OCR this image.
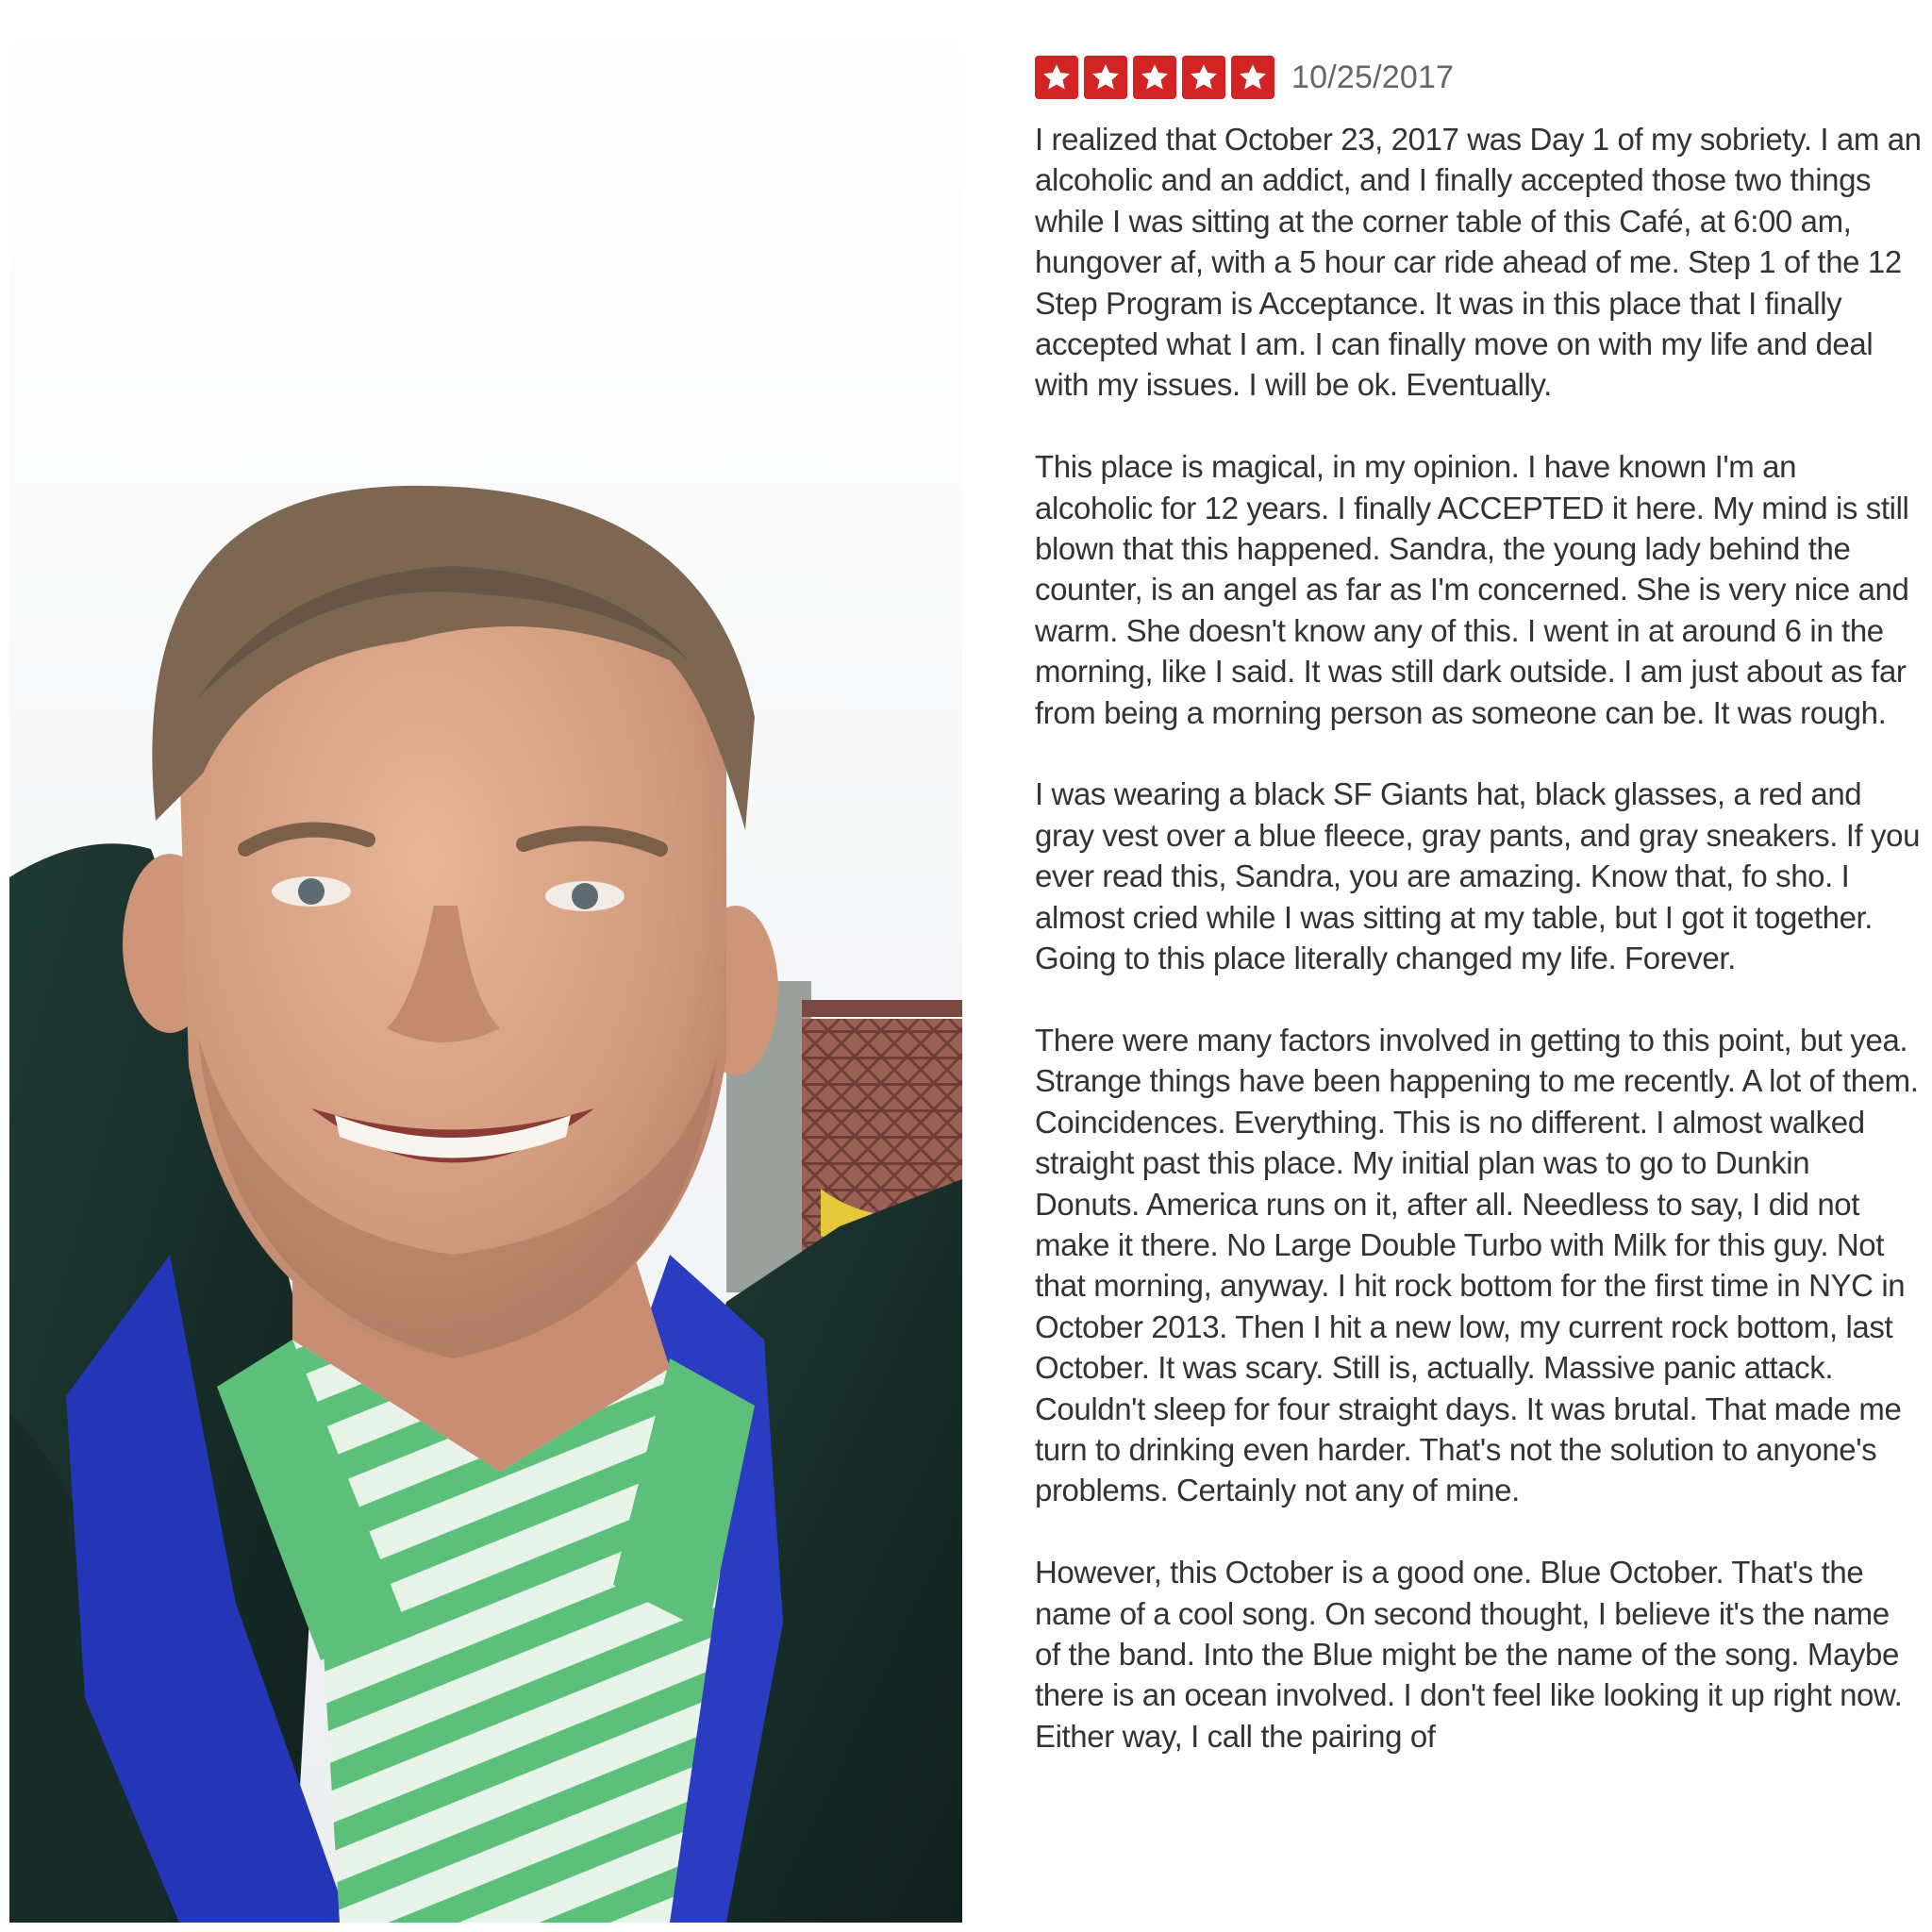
10/25/2017

I realized that October 23, 2017 was Day 1 of my sobriety. I am an alcoholic and an addict, and I finally accepted those two things while I was sitting at the corner table of this Café, at 6:00 am, hungover af, with a 5 hour car ride ahead of me. Step 1 of the 12 Step Program is Acceptance. It was in this place that I finally accepted what I am. I can finally move on with my life and deal with my issues. I will be ok. Eventually.

This place is magical, in my opinion. I have known I'm an alcoholic for 12 years. I finally ACCEPTED it here. My mind is still blown that this happened. Sandra, the young lady behind the counter, is an angel as far as I'm concerned. She is very nice and warm. She doesn't know any of this. I went in at around 6 in the morning, like I said. It was still dark outside. I am just about as far from being a morning person as someone can be. It was rough.

I was wearing a black SF Giants hat, black glasses, a red and gray vest over a blue fleece, gray pants, and gray sneakers. If you ever read this, Sandra, you are amazing. Know that, fo sho. I almost cried while I was sitting at my table, but I got it together. Going to this place literally changed my life. Forever.

There were many factors involved in getting to this point, but yea. Strange things have been happening to me recently. A lot of them. Coincidences. Everything. This is no different. I almost walked straight past this place. My initial plan was to go to Dunkin Donuts. America runs on it, after all. Needless to say, I did not make it there. No Large Double Turbo with Milk for this guy. Not that morning, anyway. I hit rock bottom for the first time in NYC in October 2013. Then I hit a new low, my current rock bottom, last October. It was scary. Still is, actually. Massive panic attack. Couldn't sleep for four straight days. It was brutal. That made me turn to drinking even harder. That's not the solution to anyone's problems. Certainly not any of mine.

However, this October is a good one. Blue October. That's the name of a cool song. On second thought, I believe it's the name of the band. Into the Blue might be the name of the song. Maybe there is an ocean involved. I don't feel like looking it up right now. Either way, I call the pairing of
